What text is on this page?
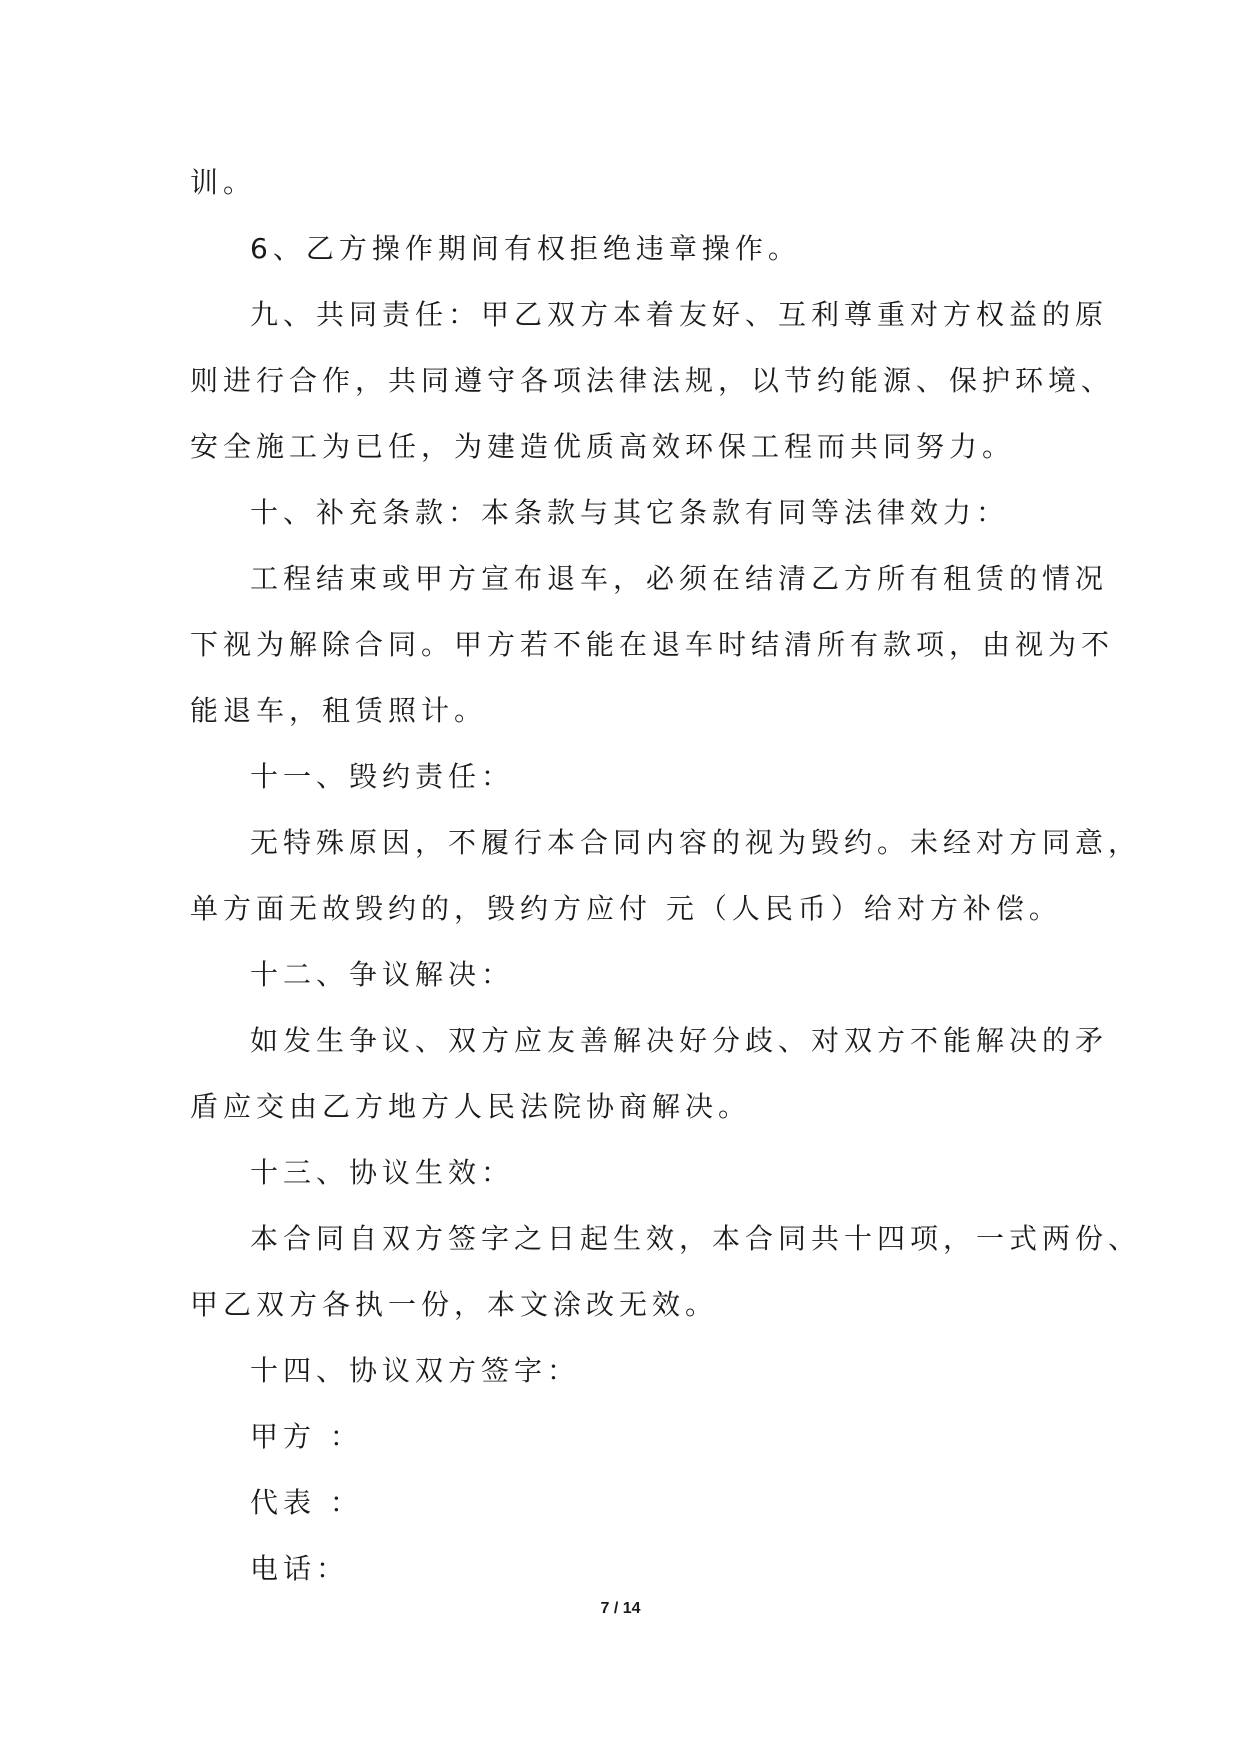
训。
6、乙方操作期间有权拒绝违章操作。
九、共同责任：甲乙双方本着友好、互利尊重对方权益的原
则进行合作，共同遵守各项法律法规，以节约能源、保护环境、
安全施工为已任，为建造优质高效环保工程而共同努力。
十、补充条款：本条款与其它条款有同等法律效力：
工程结束或甲方宣布退车，必须在结清乙方所有租赁的情况
下视为解除合同。甲方若不能在退车时结清所有款项，由视为不
能退车，租赁照计。
十一、毁约责任：
无特殊原因，不履行本合同内容的视为毁约。未经对方同意，
单方面无故毁约的，毁约方应付 元（人民币）给对方补偿。
十二、争议解决：
如发生争议、双方应友善解决好分歧、对双方不能解决的矛
盾应交由乙方地方人民法院协商解决。
十三、协议生效：
本合同自双方签字之日起生效，本合同共十四项，一式两份、
甲乙双方各执一份，本文涂改无效。
十四、协议双方签字：
甲方 ：
代表 ：
电话：
7 / 14
